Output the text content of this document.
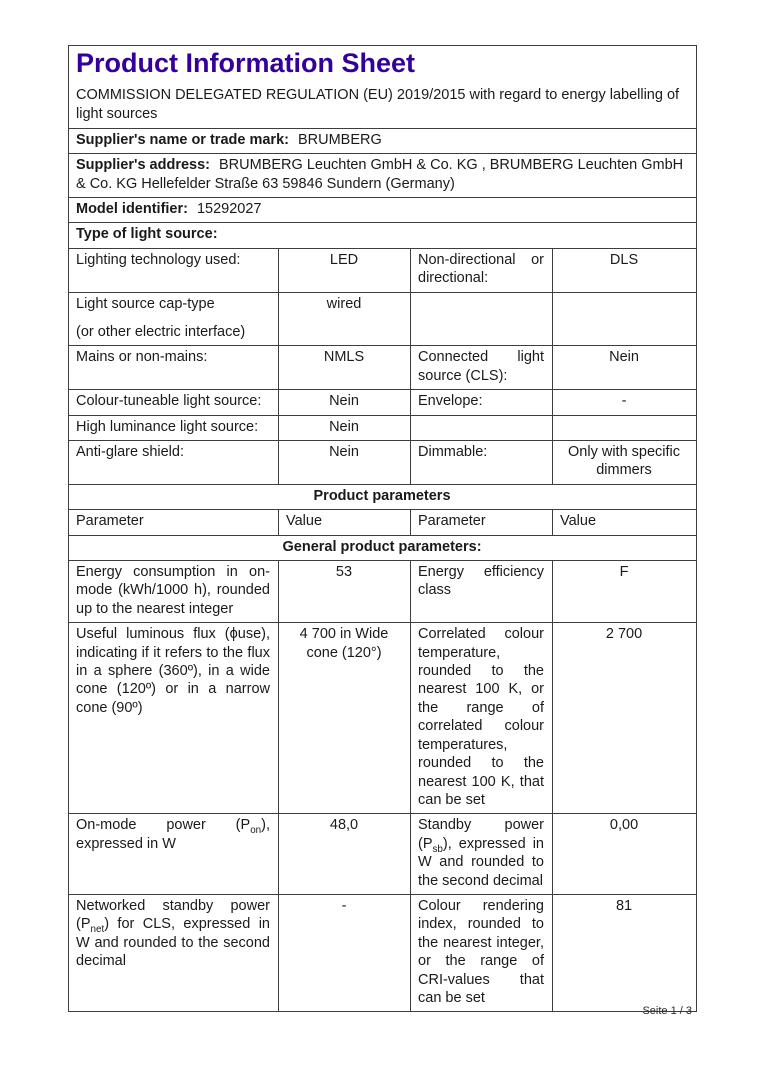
Product Information Sheet
COMMISSION DELEGATED REGULATION (EU) 2019/2015 with regard to energy labelling of light sources

Supplier's name or trade mark: BRUMBERG			
Supplier's address: BRUMBERG Leuchten GmbH & Co. KG , BRUMBERG Leuchten GmbH & Co. KG Hellefelder Straße 63 59846 Sundern (Germany)			
Model identifier: 15292027			
Type of light source:			
Lighting technology used:	LED	Non-directional or directional:	DLS

Light source cap-type
(or other electric interface)	wired		
Mains or non-mains:	NMLS	Connected light source (CLS):	Nein
Colour-tuneable light source:	Nein	Envelope:	-
High luminance light source:	Nein		
Anti-glare shield:	Nein	Dimmable:	Only with specific dimmers
Product parameters			
Parameter	Value	Parameter	Value
General product parameters:			
Energy consumption in on-mode (kWh/1000 h), rounded up to the nearest integer	53	Energy efficiency class	F
Useful luminous flux (ϕuse), indicating if it refers to the flux in a sphere (360º), in a wide cone (120º) or in a narrow cone (90º)	4 700 in Wide cone (120°)	Correlated colour temperature, rounded to the nearest 100 K, or the range of correlated colour temperatures, rounded to the nearest 100 K, that can be set	2 700
On-mode power $(P_{on})$, expressed in W	48,0	Standby power $(P_{sb})$, expressed in W and rounded to the second decimal	0,00
Networked standby power $(P_{net})$ for CLS, expressed in W and rounded to the second decimal	-	Colour rendering index, rounded to the nearest integer, or the range of CRI-values that can be set	81
Seite 1 / 3
